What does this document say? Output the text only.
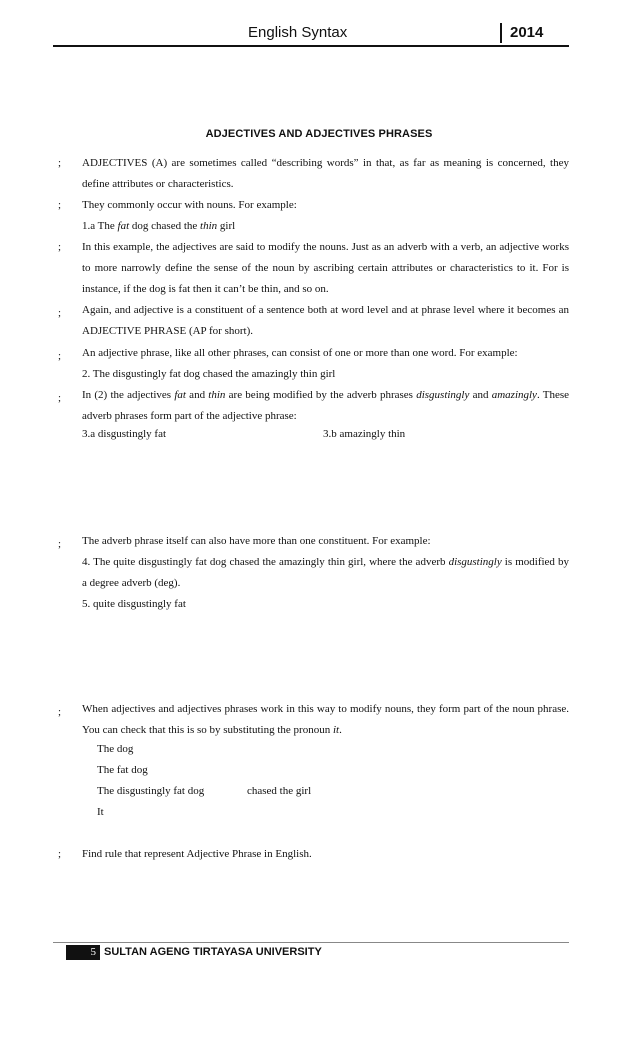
English Syntax	2014
ADJECTIVES AND ADJECTIVES PHRASES
; ADJECTIVES (A) are sometimes called “describing words” in that, as far as meaning is concerned, they define attributes or characteristics.
; They commonly occur with nouns. For example:
1.a The fat dog chased the thin girl
; In this example, the adjectives are said to modify the nouns. Just as an adverb with a verb, an adjective works to more narrowly define the sense of the noun by ascribing certain attributes or characteristics to it. For is instance, if the dog is fat then it can’t be thin, and so on.
; Again, and adjective is a constituent of a sentence both at word level and at phrase level where it becomes an ADJECTIVE PHRASE (AP for short).
; An adjective phrase, like all other phrases, can consist of one or more than one word. For example:
2. The disgustingly fat dog chased the amazingly thin girl
; In (2) the adjectives fat and thin are being modified by the adverb phrases disgustingly and amazingly. These adverb phrases form part of the adjective phrase:
3.a disgustingly fat	3.b amazingly thin
; The adverb phrase itself can also have more than one constituent. For example:
4. The quite disgustingly fat dog chased the amazingly thin girl, where the adverb disgustingly is modified by a degree adverb (deg).
5. quite disgustingly fat
; When adjectives and adjectives phrases work in this way to modify nouns, they form part of the noun phrase. You can check that this is so by substituting the pronoun it.
The dog
The fat dog
The disgustingly fat dog	chased the girl
It
; Find rule that represent Adjective Phrase in English.
5 SULTAN AGENG TIRTAYASA UNIVERSITY
